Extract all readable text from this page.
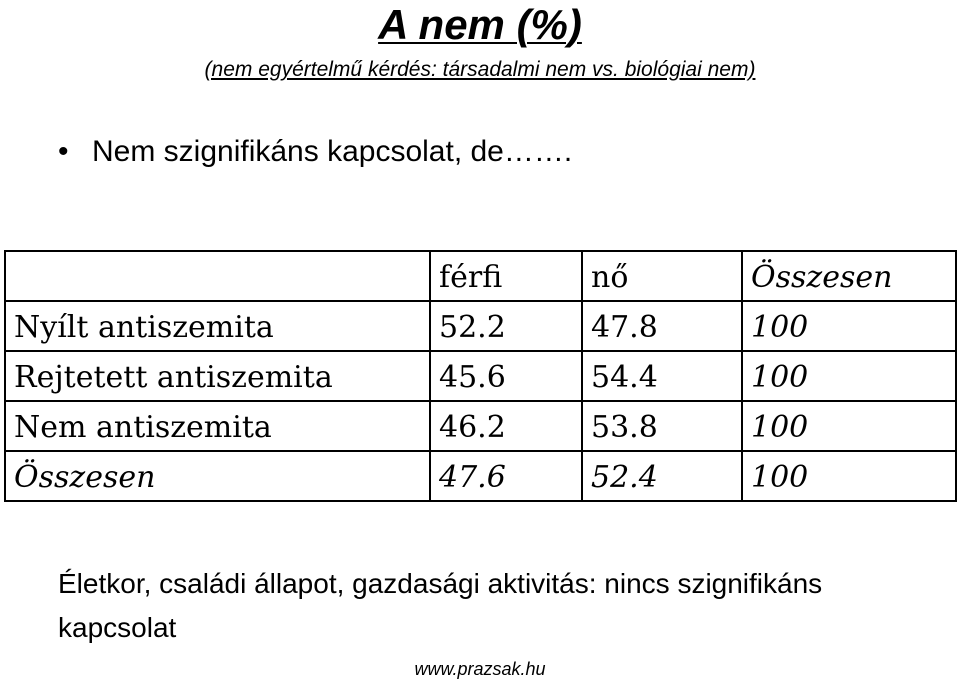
A nem (%)
(nem egyértelmű kérdés: társadalmi nem vs. biológiai nem)
• Nem szignifikáns kapcsolat, de…….
	férfi	nő	Összesen
Nyílt antiszemita	52.2	47.8	100
Rejtetett antiszemita	45.6	54.4	100
Nem antiszemita	46.2	53.8	100
Összesen	47.6	52.4	100
Életkor, családi állapot, gazdasági aktivitás: nincs szignifikáns kapcsolat
www.prazsak.hu
